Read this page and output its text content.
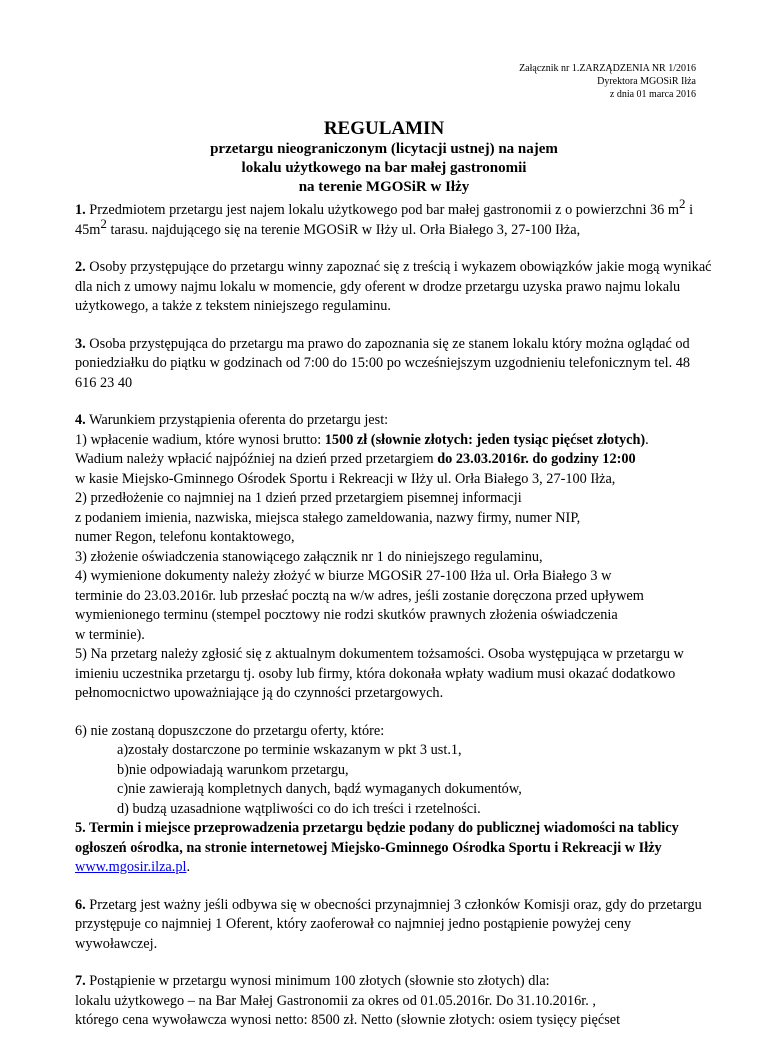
Załącznik nr 1.ZARZĄDZENIA NR 1/2016
Dyrektora MGOSiR Iłża
z dnia 01 marca 2016
REGULAMIN
przetargu nieograniczonym (licytacji ustnej) na najem
lokalu użytkowego na bar małej gastronomii
na terenie MGOSiR w Iłży

1. Przedmiotem przetargu jest najem lokalu użytkowego pod bar małej gastronomii z o powierzchni 36 $m^2$ i $45m^2$ tarasu. najdującego się na terenie MGOSiR w Iłży ul. Orła Białego 3, 27-100 Iłża,

2. Osoby przystępujące do przetargu winny zapoznać się z treścią i wykazem obowiązków jakie mogą wynikać dla nich z umowy najmu lokalu w momencie, gdy oferent w drodze przetargu uzyska prawo najmu lokalu użytkowego, a także z tekstem niniejszego regulaminu.

3. Osoba przystępująca do przetargu ma prawo do zapoznania się ze stanem lokalu który można oglądać od poniedziałku do piątku w godzinach od 7:00 do 15:00 po wcześniejszym uzgodnieniu telefonicznym tel. 48 616 23 40

4. Warunkiem przystąpienia oferenta do przetargu jest:
1) wpłacenie wadium, które wynosi brutto: 1500 zł (słownie złotych: jeden tysiąc pięćset złotych).
Wadium należy wpłacić najpóźniej na dzień przed przetargiem do 23.03.2016r. do godziny 12:00
w kasie Miejsko-Gminnego Ośrodek Sportu i Rekreacji w Iłży ul. Orła Białego 3, 27-100 Iłża,
2) przedłożenie co najmniej na 1 dzień przed przetargiem pisemnej informacji
z podaniem imienia, nazwiska, miejsca stałego zameldowania, nazwy firmy, numer NIP,
numer Regon, telefonu kontaktowego,
3) złożenie oświadczenia stanowiącego załącznik nr 1 do niniejszego regulaminu,
4) wymienione dokumenty należy złożyć w biurze MGOSiR 27-100 Iłża ul. Orła Białego 3 w
terminie do 23.03.2016r. lub przesłać pocztą na w/w adres, jeśli zostanie doręczona przed upływem
wymienionego terminu (stempel pocztowy nie rodzi skutków prawnych złożenia oświadczenia
w terminie).
5) Na przetarg należy zgłosić się z aktualnym dokumentem tożsamości. Osoba występująca w przetargu w imieniu uczestnika przetargu tj. osoby lub firmy, która dokonała wpłaty wadium musi okazać dodatkowo pełnomocnictwo upoważniające ją do czynności przetargowych.

6) nie zostaną dopuszczone do przetargu oferty, które:
a)zostały dostarczone po terminie wskazanym w pkt 3 ust.1,
b)nie odpowiadają warunkom przetargu,
c)nie zawierają kompletnych danych, bądź wymaganych dokumentów,
d) budzą uzasadnione wątpliwości co do ich treści i rzetelności.

5. Termin i miejsce przeprowadzenia przetargu będzie podany do publicznej wiadomości na tablicy ogłoszeń ośrodka, na stronie internetowej Miejsko-Gminnego Ośrodka Sportu i Rekreacji w Iłży www.mgosir.ilza.pl.

6. Przetarg jest ważny jeśli odbywa się w obecności przynajmniej 3 członków Komisji oraz, gdy do przetargu przystępuje co najmniej 1 Oferent, który zaoferował co najmniej jedno postąpienie powyżej ceny wywoławczej.

7. Postąpienie w przetargu wynosi minimum 100 złotych (słownie sto złotych) dla:
lokalu użytkowego – na Bar Małej Gastronomii za okres od 01.05.2016r. Do 31.10.2016r. ,
którego cena wywoławcza wynosi netto: 8500 zł. Netto (słownie złotych: osiem tysięcy pięćset
